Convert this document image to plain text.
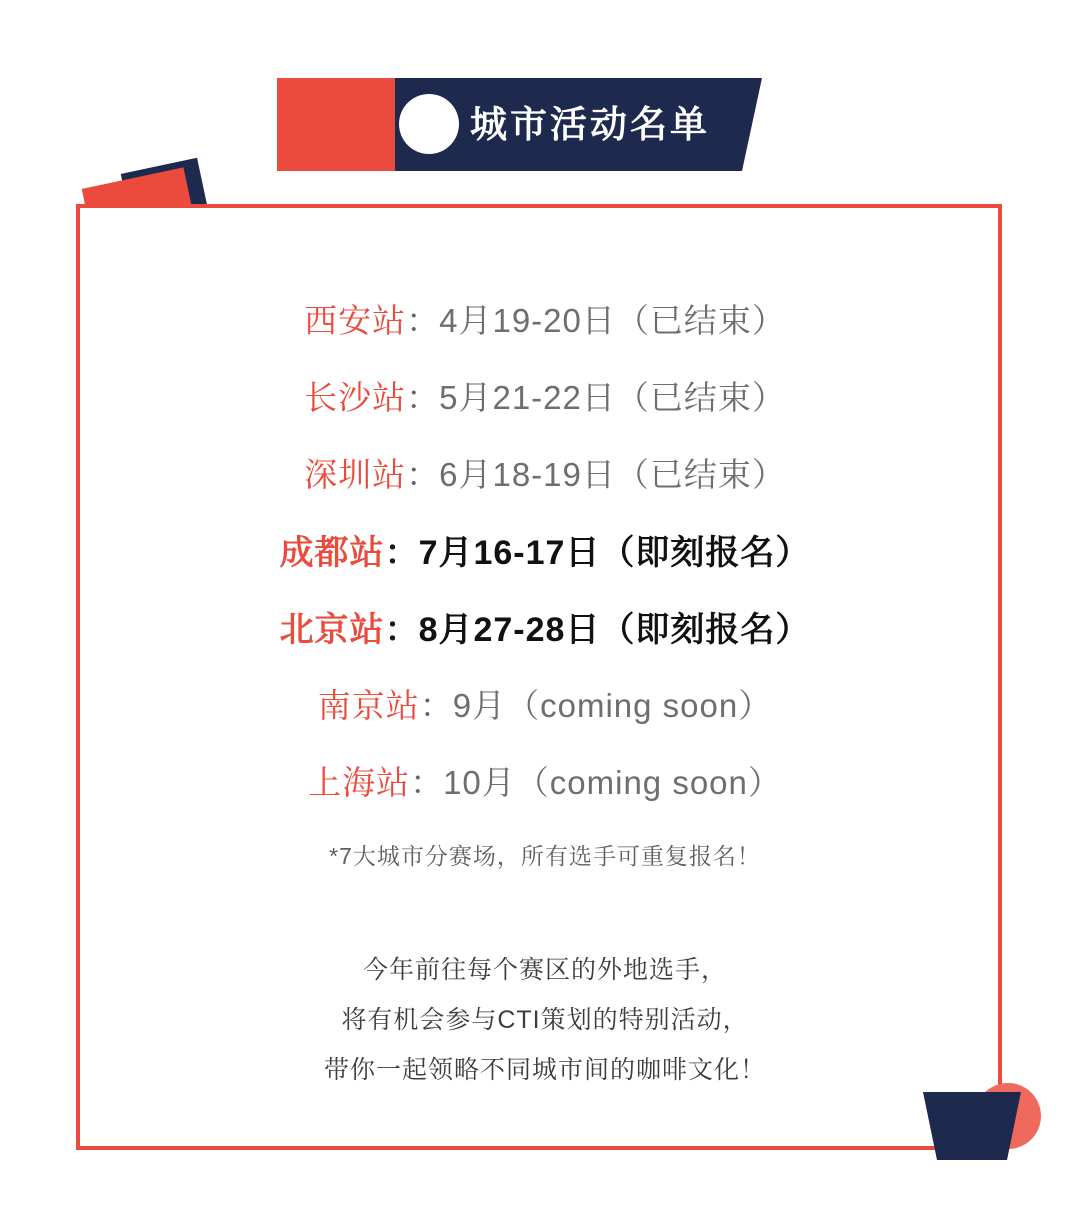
城市活动名单
西安站 ： 4月19-20日（已结束）
长沙站 ： 5月21-22日（已结束）
深圳站 ： 6月18-19日（已结束）
成都站 ： 7月16-17日（即刻报名）
北京站 ： 8月27-28日（即刻报名）
南京站 ： 9月（coming soon）
上海站 ： 10月（coming soon）
*7大城市分赛场，所有选手可重复报名！
今年前往每个赛区的外地选手，
将有机会参与CTI策划的特别活动，
带你一起领略不同城市间的咖啡文化！
